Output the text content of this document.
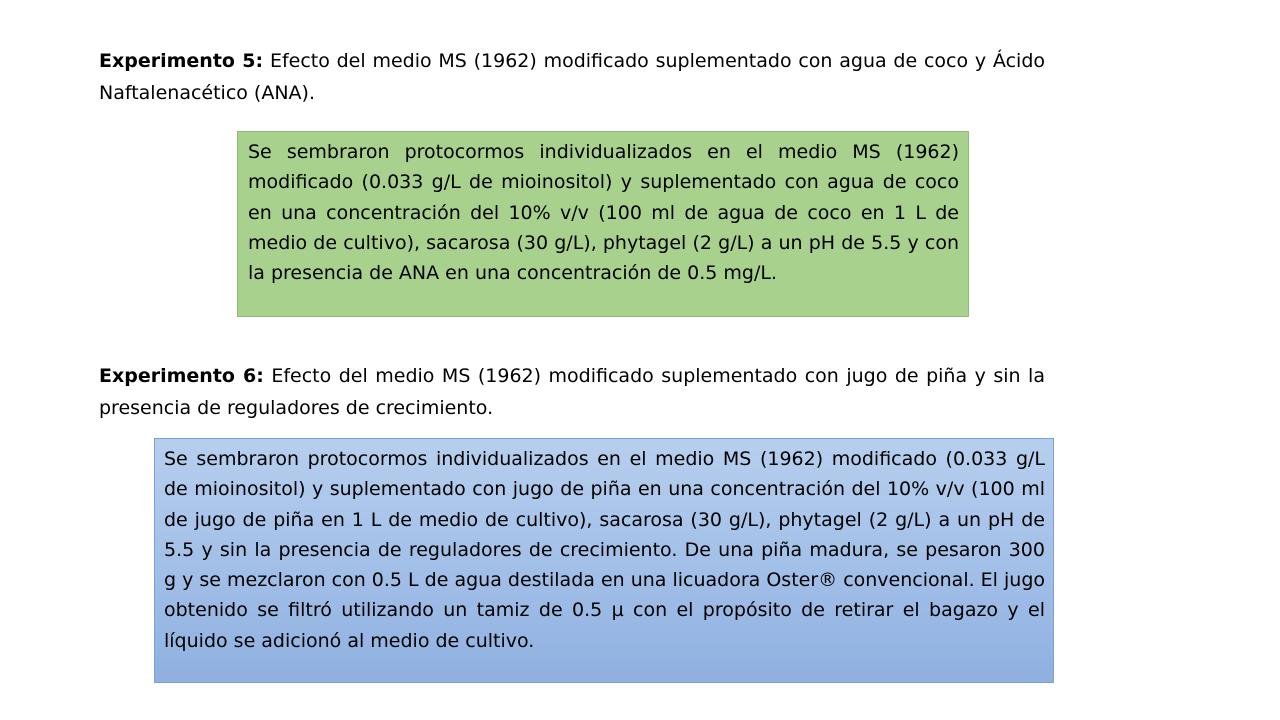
Experimento 5: Efecto del medio MS (1962) modificado suplementado con agua de coco y Ácido Naftalenacético (ANA).

Se sembraron protocormos individualizados en el medio MS (1962) modificado (0.033 g/L de mioinositol) y suplementado con agua de coco en una concentración del 10% v/v (100 ml de agua de coco en 1 L de medio de cultivo), sacarosa (30 g/L), phytagel (2 g/L) a un pH de 5.5 y con la presencia de ANA en una concentración de 0.5 mg/L.

Experimento 6: Efecto del medio MS (1962) modificado suplementado con jugo de piña y sin la presencia de reguladores de crecimiento.

Se sembraron protocormos individualizados en el medio MS (1962) modificado (0.033 g/L de mioinositol) y suplementado con jugo de piña en una concentración del 10% v/v (100 ml de jugo de piña en 1 L de medio de cultivo), sacarosa (30 g/L), phytagel (2 g/L) a un pH de 5.5 y sin la presencia de reguladores de crecimiento. De una piña madura, se pesaron 300 g y se mezclaron con 0.5 L de agua destilada en una licuadora Oster® convencional. El jugo obtenido se filtró utilizando un tamiz de 0.5 µ con el propósito de retirar el bagazo y el líquido se adicionó al medio de cultivo.
